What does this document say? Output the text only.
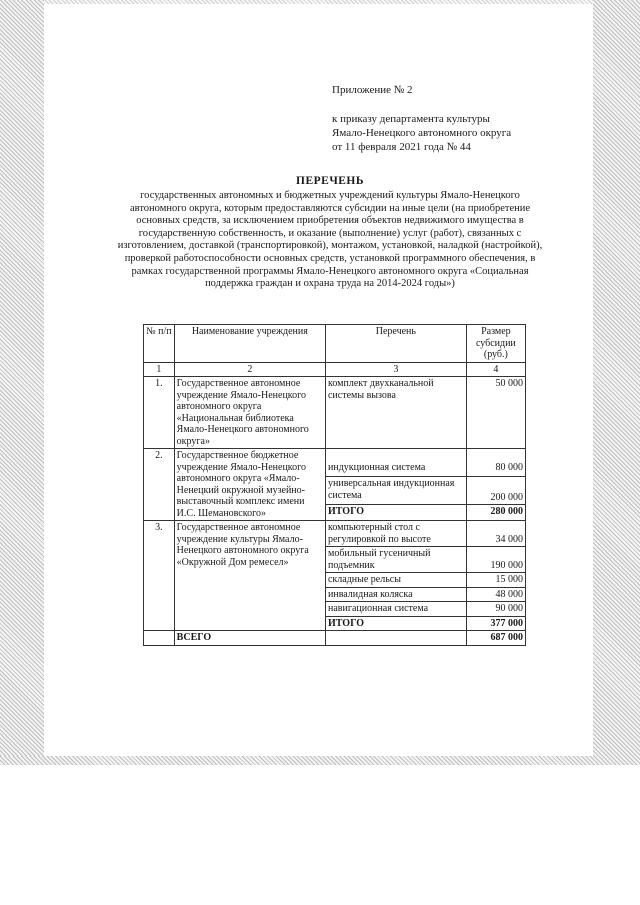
Приложение № 2
к приказу департамента культуры
Ямало-Ненецкого автономного округа
от 11 февраля 2021 года № 44
ПЕРЕЧЕНЬ
государственных автономных и бюджетных учреждений культуры Ямало-Ненецкого автономного округа, которым предоставляются субсидии на иные цели (на приобретение основных средств, за исключением приобретения объектов недвижимого имущества в государственную собственность, и оказание (выполнение) услуг (работ), связанных с изготовлением, доставкой (транспортировкой), монтажом, установкой, наладкой (настройкой), проверкой работоспособности основных средств, установкой программного обеспечения, в рамках государственной программы Ямало-Ненецкого автономного округа «Социальная поддержка граждан и охрана труда на 2014-2024 годы»)
№ п/п	Наименование учреждения	Перечень	Размер субсидии (руб.)
1	2	3	4
1.	Государственное автономное учреждение Ямало-Ненецкого автономного округа «Национальная библиотека Ямало-Ненецкого автономного округа»	комплект двухканальной системы вызова	50 000
2.	Государственное бюджетное учреждение Ямало-Ненецкого автономного округа «Ямало-Ненецкий окружной музейно-выставочный комплекс имени И.С. Шемановского»	индукционная система	80 000
		универсальная индукционная система	200 000
		ИТОГО	280 000
3.	Государственное автономное учреждение культуры Ямало-Ненецкого автономного округа «Окружной Дом ремесел»	компьютерный стол с регулировкой по высоте	34 000
		мобильный гусеничный подъемник	190 000
		складные рельсы	15 000
		инвалидная коляска	48 000
		навигационная система	90 000
		ИТОГО	377 000
	ВСЕГО		687 000
